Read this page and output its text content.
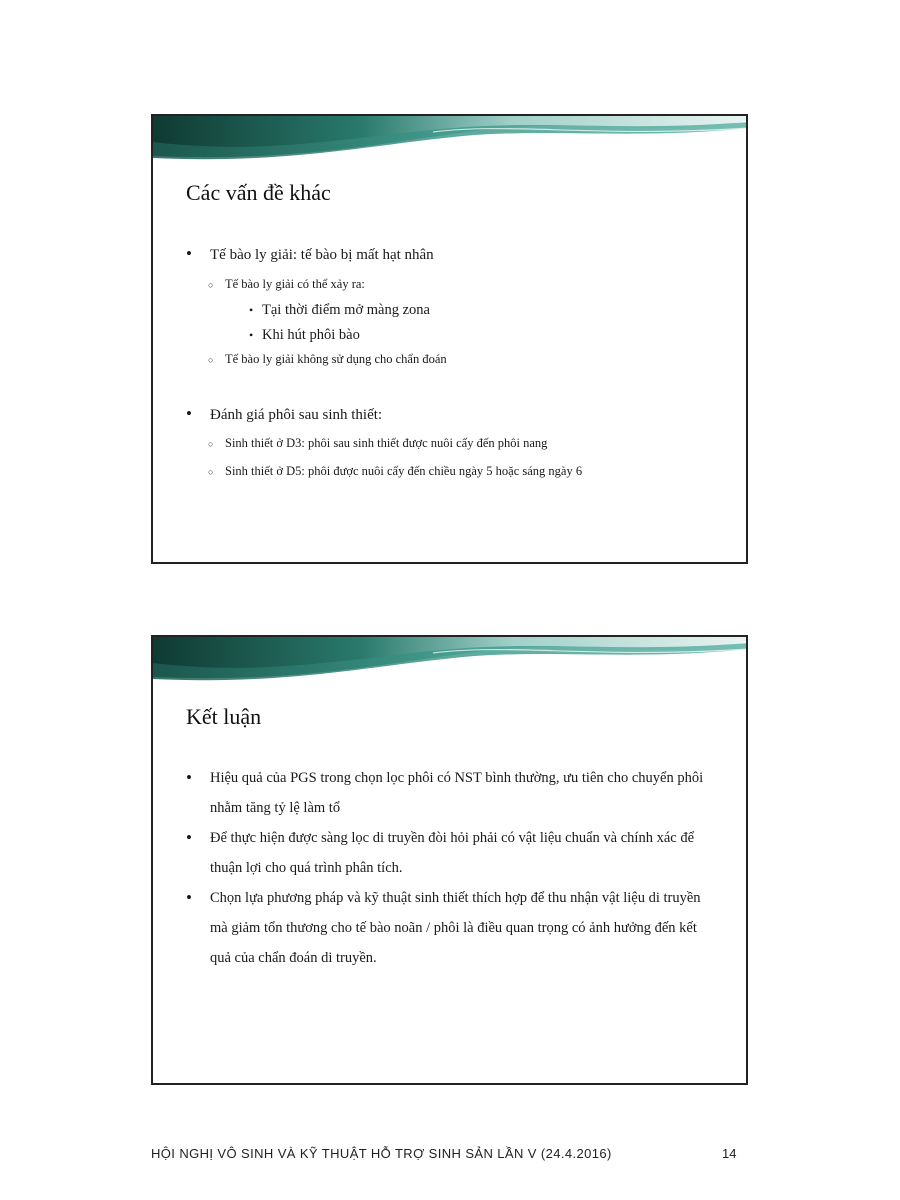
Các vấn đề khác
• Tế bào ly giải: tế bào bị mất hạt nhân
○ Tế bào ly giải có thể xảy ra:
• Tại thời điểm mở màng zona
• Khi hút phôi bào
○ Tế bào ly giải không sử dụng cho chẩn đoán
• Đánh giá phôi sau sinh thiết:
○ Sinh thiết ở D3: phôi sau sinh thiết được nuôi cấy đến phôi nang
○ Sinh thiết ở D5: phôi được nuôi cấy đến chiều ngày 5 hoặc sáng ngày 6
Kết luận
• Hiệu quả của PGS trong chọn lọc phôi có NST bình thường, ưu tiên cho chuyển phôi nhằm tăng tỷ lệ làm tổ
• Để thực hiện được sàng lọc di truyền đòi hỏi phải có vật liệu chuẩn và chính xác để thuận lợi cho quá trình phân tích.
• Chọn lựa phương pháp và kỹ thuật sinh thiết thích hợp để thu nhận vật liệu di truyền mà giảm tổn thương cho tế bào noãn / phôi là điều quan trọng có ảnh hưởng đến kết quả của chẩn đoán di truyền.
HỘI NGHỊ VÔ SINH VÀ KỸ THUẬT HỖ TRỢ SINH SẢN LẦN V (24.4.2016)	14
